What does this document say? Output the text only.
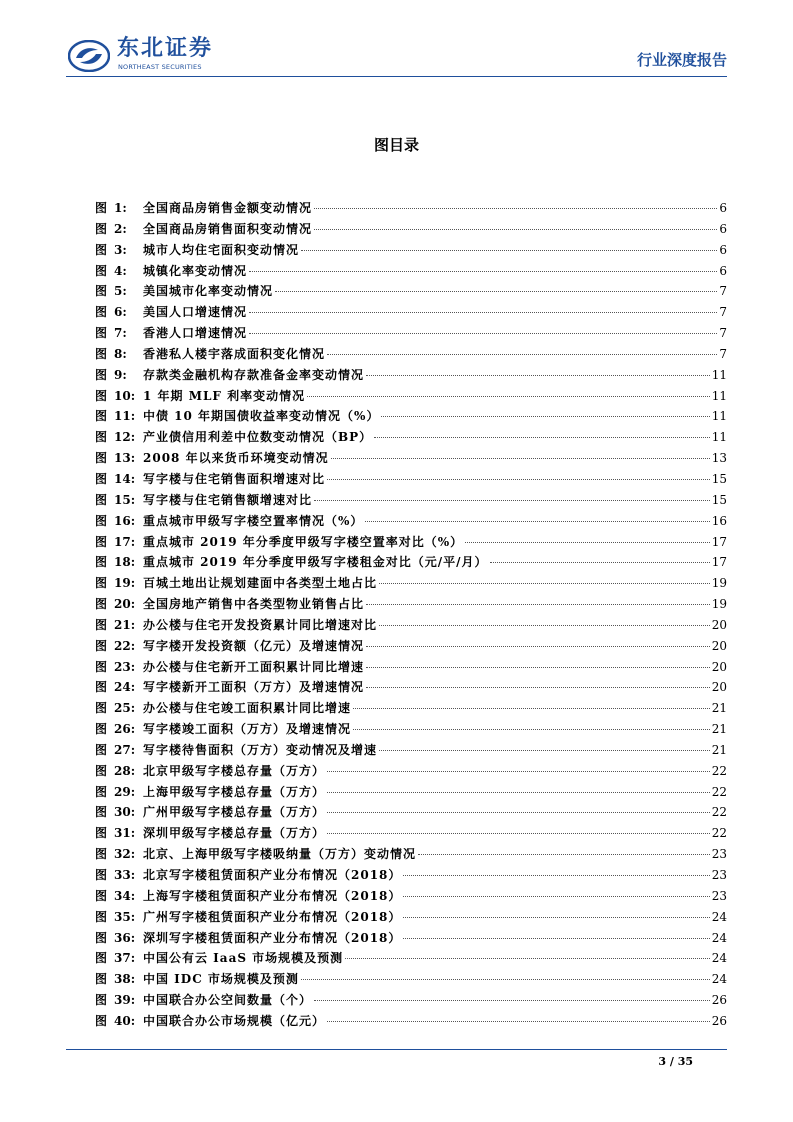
东北证券
NORTHEAST SECURITIES	行业深度报告
图目录
图 1:	全国商品房销售金额变动情况	6
图 2:	全国商品房销售面积变动情况	6
图 3:	城市人均住宅面积变动情况	6
图 4:	城镇化率变动情况	6
图 5:	美国城市化率变动情况	7
图 6:	美国人口增速情况	7
图 7:	香港人口增速情况	7
图 8:	香港私人楼宇落成面积变化情况	7
图 9:	存款类金融机构存款准备金率变动情况	11
图 10: 1 年期 MLF 利率变动情况	11
图 11: 中债 10 年期国债收益率变动情况（%）	11
图 12: 产业债信用利差中位数变动情况（BP）	11
图 13: 2008 年以来货币环境变动情况	13
图 14: 写字楼与住宅销售面积增速对比	15
图 15: 写字楼与住宅销售额增速对比	15
图 16: 重点城市甲级写字楼空置率情况（%）	16
图 17: 重点城市 2019 年分季度甲级写字楼空置率对比（%）	17
图 18: 重点城市 2019 年分季度甲级写字楼租金对比（元/平/月）	17
图 19: 百城土地出让规划建面中各类型土地占比	19
图 20: 全国房地产销售中各类型物业销售占比	19
图 21: 办公楼与住宅开发投资累计同比增速对比	20
图 22: 写字楼开发投资额（亿元）及增速情况	20
图 23: 办公楼与住宅新开工面积累计同比增速	20
图 24: 写字楼新开工面积（万方）及增速情况	20
图 25: 办公楼与住宅竣工面积累计同比增速	21
图 26: 写字楼竣工面积（万方）及增速情况	21
图 27: 写字楼待售面积（万方）变动情况及增速	21
图 28: 北京甲级写字楼总存量（万方）	22
图 29: 上海甲级写字楼总存量（万方）	22
图 30: 广州甲级写字楼总存量（万方）	22
图 31: 深圳甲级写字楼总存量（万方）	22
图 32: 北京、上海甲级写字楼吸纳量（万方）变动情况	23
图 33: 北京写字楼租赁面积产业分布情况（2018）	23
图 34: 上海写字楼租赁面积产业分布情况（2018）	23
图 35: 广州写字楼租赁面积产业分布情况（2018）	24
图 36: 深圳写字楼租赁面积产业分布情况（2018）	24
图 37: 中国公有云 IaaS 市场规模及预测	24
图 38: 中国 IDC 市场规模及预测	24
图 39: 中国联合办公空间数量（个）	26
图 40: 中国联合办公市场规模（亿元）	26
3 / 35
